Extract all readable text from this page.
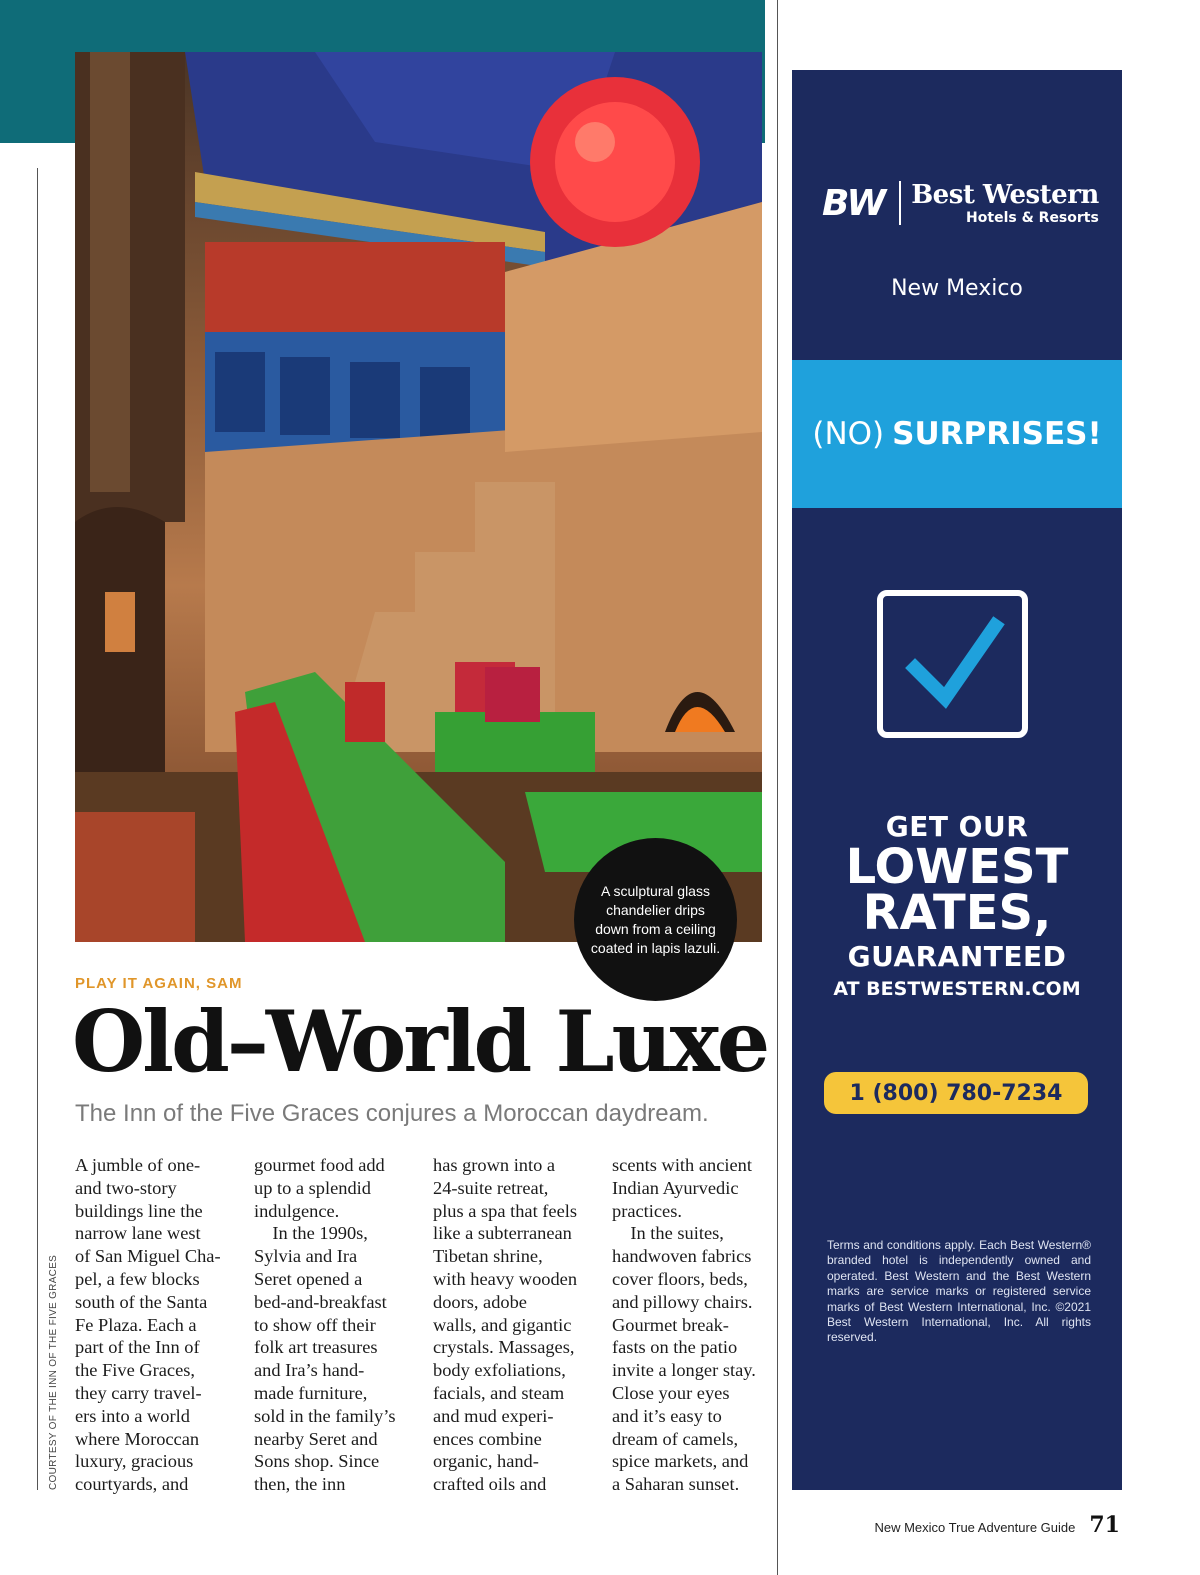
COURTESY OF THE INN OF THE FIVE GRACES
A sculptural glass chandelier drips down from a ceiling coated in lapis lazuli.
PLAY IT AGAIN, SAM
Old–World Luxe
The Inn of the Five Graces conjures a Moroccan daydream.
A jumble of one-
and two-story
buildings line the
narrow lane west
of San Miguel Cha-
pel, a few blocks
south of the Santa
Fe Plaza. Each a
part of the Inn of
the Five Graces,
they carry travel-
ers into a world
where Moroccan
luxury, gracious
courtyards, and
gourmet food add
up to a splendid
indulgence.
In the 1990s,
Sylvia and Ira
Seret opened a
bed-and-breakfast
to show off their
folk art treasures
and Ira’s hand-
made furniture,
sold in the family’s
nearby Seret and
Sons shop. Since
then, the inn
has grown into a
24-suite retreat,
plus a spa that feels
like a subterranean
Tibetan shrine,
with heavy wooden
doors, adobe
walls, and gigantic
crystals. Massages,
body exfoliations,
facials, and steam
and mud experi-
ences combine
organic, hand-
crafted oils and
scents with ancient
Indian Ayurvedic
practices.
In the suites,
handwoven fabrics
cover floors, beds,
and pillowy chairs.
Gourmet break-
fasts on the patio
invite a longer stay.
Close your eyes
and it’s easy to
dream of camels,
spice markets, and
a Saharan sunset.
New Mexico True Adventure Guide 71
BW Best Western
Hotels & Resorts
New Mexico
(NO) SURPRISES!
GET OUR
LOWEST
RATES,
GUARANTEED
AT BESTWESTERN.COM
1 (800) 780-7234
Terms and conditions apply. Each Best Western® branded hotel is independently owned and operated. Best Western and the Best Western marks are service marks or registered service marks of Best Western International, Inc. ©2021 Best Western International, Inc. All rights reserved.
